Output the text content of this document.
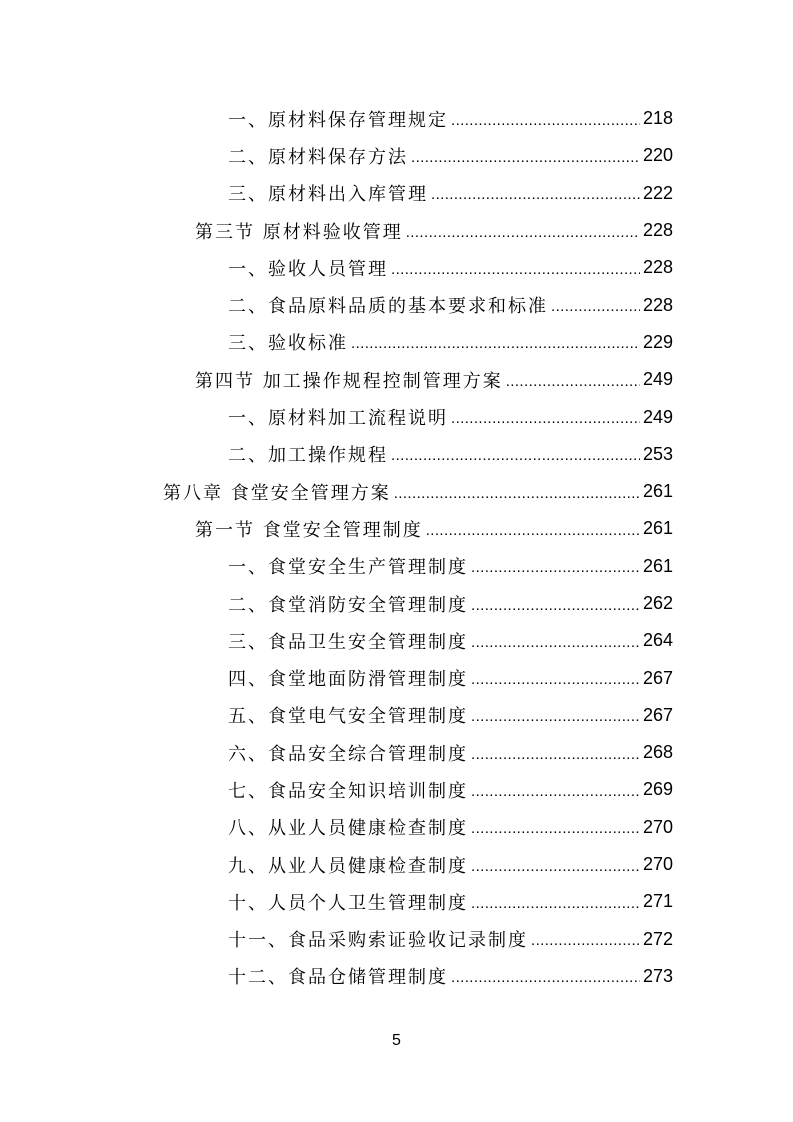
一、原材料保存管理规定 .....	218
二、原材料保存方法 .....	220
三、原材料出入库管理 .....	222
第三节 原材料验收管理 .....	228
一、验收人员管理 .....	228
二、食品原料品质的基本要求和标准 .....	228
三、验收标准 .....	229
第四节 加工操作规程控制管理方案 .....	249
一、原材料加工流程说明 .....	249
二、加工操作规程 .....	253
第八章 食堂安全管理方案 .....	261
第一节 食堂安全管理制度 .....	261
一、食堂安全生产管理制度 .....	261
二、食堂消防安全管理制度 .....	262
三、食品卫生安全管理制度 .....	264
四、食堂地面防滑管理制度 .....	267
五、食堂电气安全管理制度 .....	267
六、食品安全综合管理制度 .....	268
七、食品安全知识培训制度 .....	269
八、从业人员健康检查制度 .....	270
九、从业人员健康检查制度 .....	270
十、人员个人卫生管理制度 .....	271
十一、食品采购索证验收记录制度 .....	272
十二、食品仓储管理制度 .....	273
5
